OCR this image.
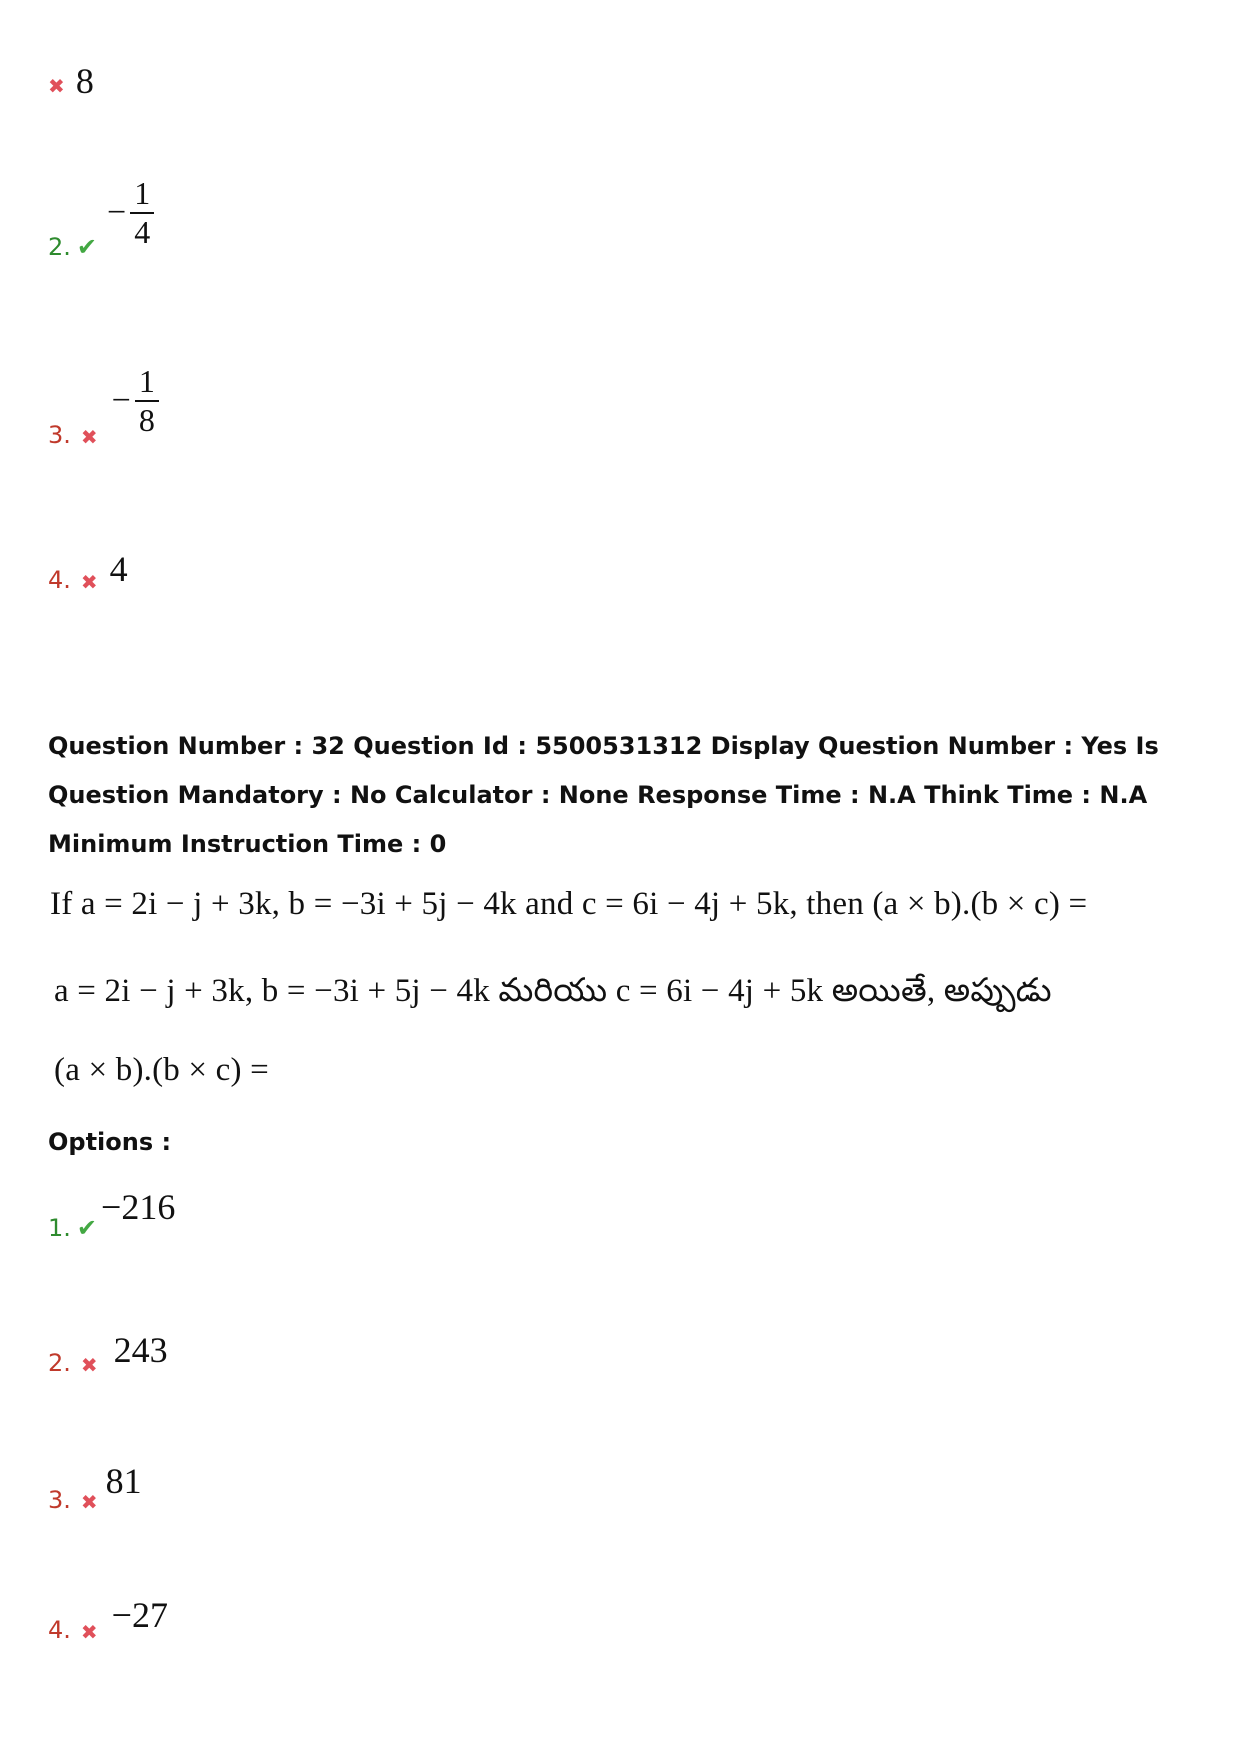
✖ 8
2. ✔
− $\frac{1}{4}$
3. ✖
− $\frac{1}{8}$
4. ✖ 4
Question Number : 32 Question Id : 5500531312 Display Question Number : Yes Is Question Mandatory : No Calculator : None Response Time : N.A Think Time : N.A Minimum Instruction Time : 0
If a = 2i − j + 3k, b = −3i + 5j − 4k and c = 6i − 4j + 5k, then (a × b).(b × c) =
a = 2i − j + 3k, b = −3i + 5j − 4k మరియు c = 6i − 4j + 5k అయితే, అప్పుడు
(a × b).(b × c) =
Options :
1. ✔
−216
2. ✖ 243
3. ✖
81
4. ✖ −27
